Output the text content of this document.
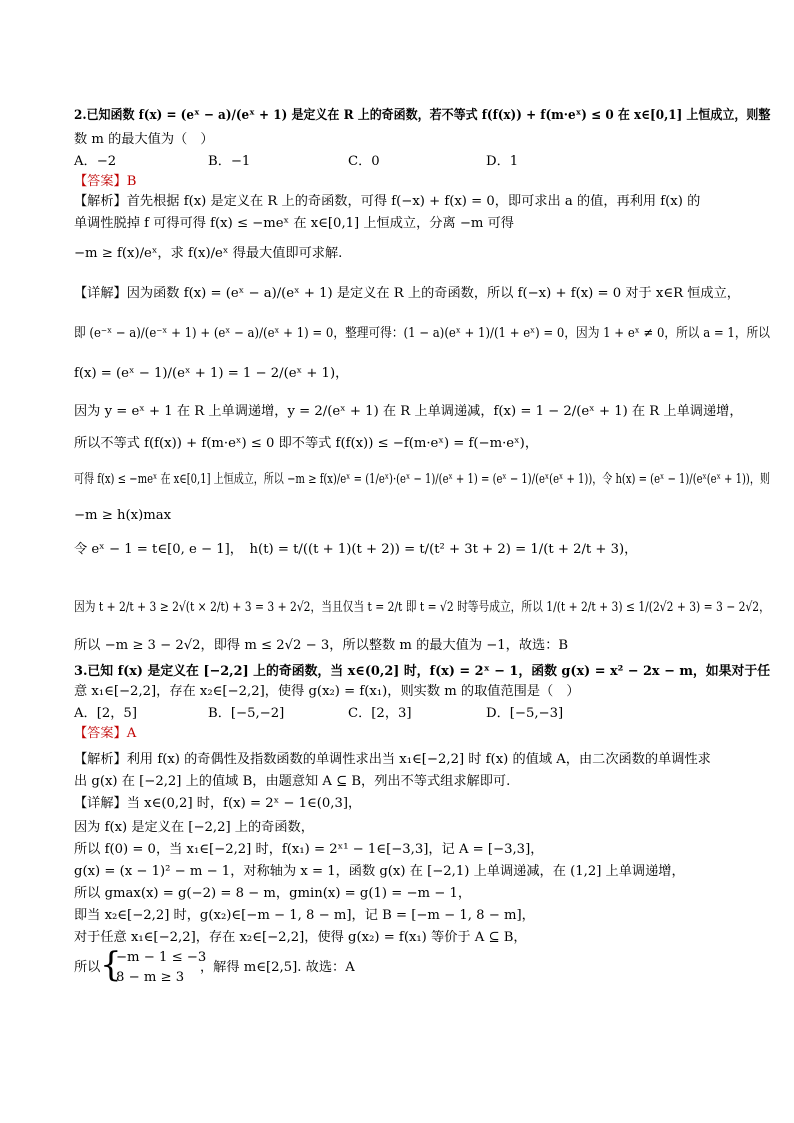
2.已知函数 f(x) = (eˣ − a)/(eˣ + 1) 是定义在 R 上的奇函数，若不等式 f(f(x)) + f(m·eˣ) ≤ 0 在 x∈[0,1] 上恒成立，则整
数 m 的最大值为（　）
A．−2	B．−1	C．0	D．1
【答案】B
【解析】首先根据 f(x) 是定义在 R 上的奇函数，可得 f(−x) + f(x) = 0，即可求出 a 的值，再利用 f(x) 的
单调性脱掉 f 可得可得 f(x) ≤ −meˣ 在 x∈[0,1] 上恒成立，分离 −m 可得
−m ≥ f(x)/eˣ，求 f(x)/eˣ 得最大值即可求解.
【详解】因为函数 f(x) = (eˣ − a)/(eˣ + 1) 是定义在 R 上的奇函数，所以 f(−x) + f(x) = 0 对于 x∈R 恒成立，
即 (e⁻ˣ − a)/(e⁻ˣ + 1) + (eˣ − a)/(eˣ + 1) = 0，整理可得：(1 − a)(eˣ + 1)/(1 + eˣ) = 0，因为 1 + eˣ ≠ 0，所以 a = 1，所以
f(x) = (eˣ − 1)/(eˣ + 1) = 1 − 2/(eˣ + 1)，
因为 y = eˣ + 1 在 R 上单调递增，y = 2/(eˣ + 1) 在 R 上单调递减，f(x) = 1 − 2/(eˣ + 1) 在 R 上单调递增，
所以不等式 f(f(x)) + f(m·eˣ) ≤ 0 即不等式 f(f(x)) ≤ −f(m·eˣ) = f(−m·eˣ)，
可得 f(x) ≤ −meˣ 在 x∈[0,1] 上恒成立，所以 −m ≥ f(x)/eˣ = (1/eˣ)·(eˣ − 1)/(eˣ + 1) = (eˣ − 1)/(eˣ(eˣ + 1))，令 h(x) = (eˣ − 1)/(eˣ(eˣ + 1))，则
−m ≥ h(x)max
令 eˣ − 1 = t∈[0, e − 1]，　h(t) = t/((t + 1)(t + 2)) = t/(t² + 3t + 2) = 1/(t + 2/t + 3)，
因为 t + 2/t + 3 ≥ 2√(t × 2/t) + 3 = 3 + 2√2，当且仅当 t = 2/t 即 t = √2 时等号成立，所以 1/(t + 2/t + 3) ≤ 1/(2√2 + 3) = 3 − 2√2，
所以 −m ≥ 3 − 2√2，即得 m ≤ 2√2 − 3，所以整数 m 的最大值为 −1，故选：B
3.已知 f(x) 是定义在 [−2,2] 上的奇函数，当 x∈(0,2] 时，f(x) = 2ˣ − 1，函数 g(x) = x² − 2x − m，如果对于任
意 x₁∈[−2,2]，存在 x₂∈[−2,2]，使得 g(x₂) = f(x₁)，则实数 m 的取值范围是（　）
A．[2，5]	B．[−5,−2]	C．[2，3]	D．[−5,−3]
【答案】A
【解析】利用 f(x) 的奇偶性及指数函数的单调性求出当 x₁∈[−2,2] 时 f(x) 的值域 A，由二次函数的单调性求
出 g(x) 在 [−2,2] 上的值域 B，由题意知 A ⊆ B，列出不等式组求解即可.
【详解】当 x∈(0,2] 时，f(x) = 2ˣ − 1∈(0,3]，
因为 f(x) 是定义在 [−2,2] 上的奇函数，
所以 f(0) = 0，当 x₁∈[−2,2] 时，f(x₁) = 2ˣ¹ − 1∈[−3,3]，记 A = [−3,3]，
g(x) = (x − 1)² − m − 1，对称轴为 x = 1，函数 g(x) 在 [−2,1) 上单调递减，在 (1,2] 上单调递增，
所以 gmax(x) = g(−2) = 8 − m，gmin(x) = g(1) = −m − 1，
即当 x₂∈[−2,2] 时，g(x₂)∈[−m − 1, 8 − m]，记 B = [−m − 1, 8 − m]，
对于任意 x₁∈[−2,2]，存在 x₂∈[−2,2]，使得 g(x₂) = f(x₁) 等价于 A ⊆ B，
所以 {
−m − 1 ≤ −3
8 − m ≥ 3
，解得 m∈[2,5]. 故选：A
